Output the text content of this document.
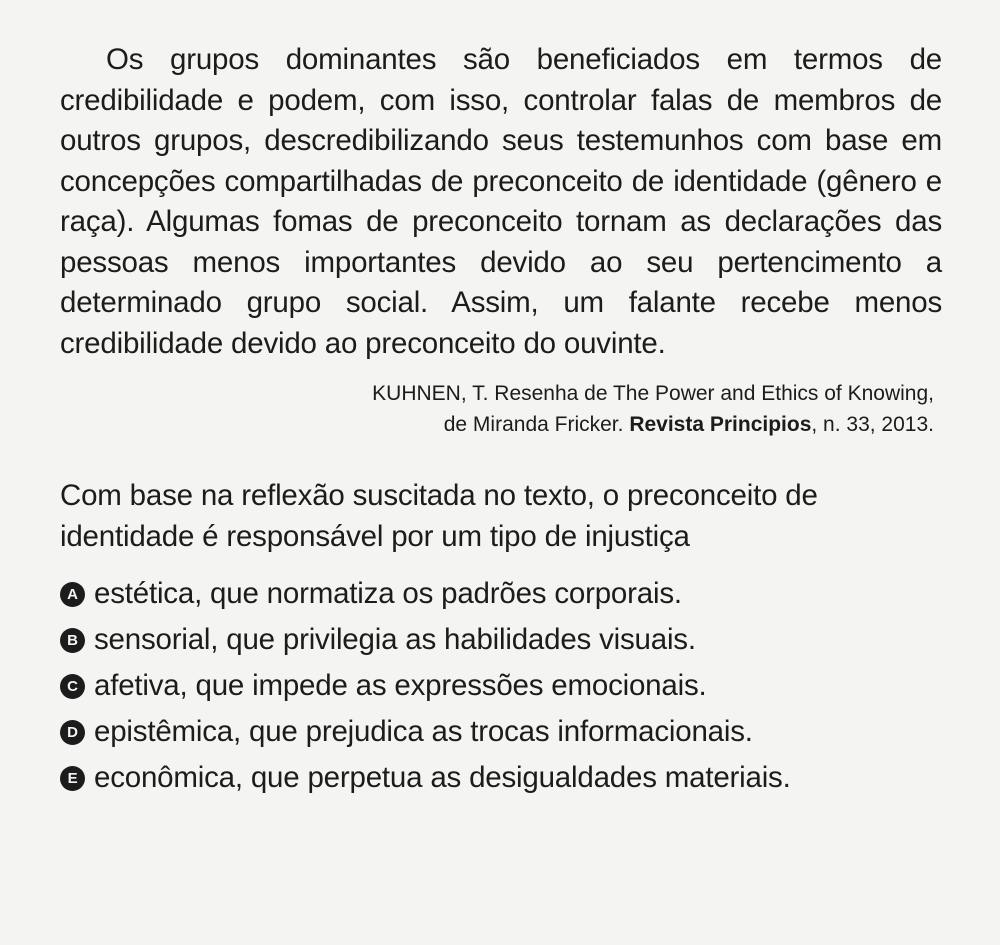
Os grupos dominantes são beneficiados em termos de credibilidade e podem, com isso, controlar falas de membros de outros grupos, descredibilizando seus testemunhos com base em concepções compartilhadas de preconceito de identidade (gênero e raça). Algumas fomas de preconceito tornam as declarações das pessoas menos importantes devido ao seu pertencimento a determinado grupo social. Assim, um falante recebe menos credibilidade devido ao preconceito do ouvinte.

KUHNEN, T. Resenha de The Power and Ethics of Knowing,
de Miranda Fricker. Revista Principios, n. 33, 2013.

Com base na reflexão suscitada no texto, o preconceito de identidade é responsável por um tipo de injustiça

A estética, que normatiza os padrões corporais.
B sensorial, que privilegia as habilidades visuais.
C afetiva, que impede as expressões emocionais.
D epistêmica, que prejudica as trocas informacionais.
E econômica, que perpetua as desigualdades materiais.
